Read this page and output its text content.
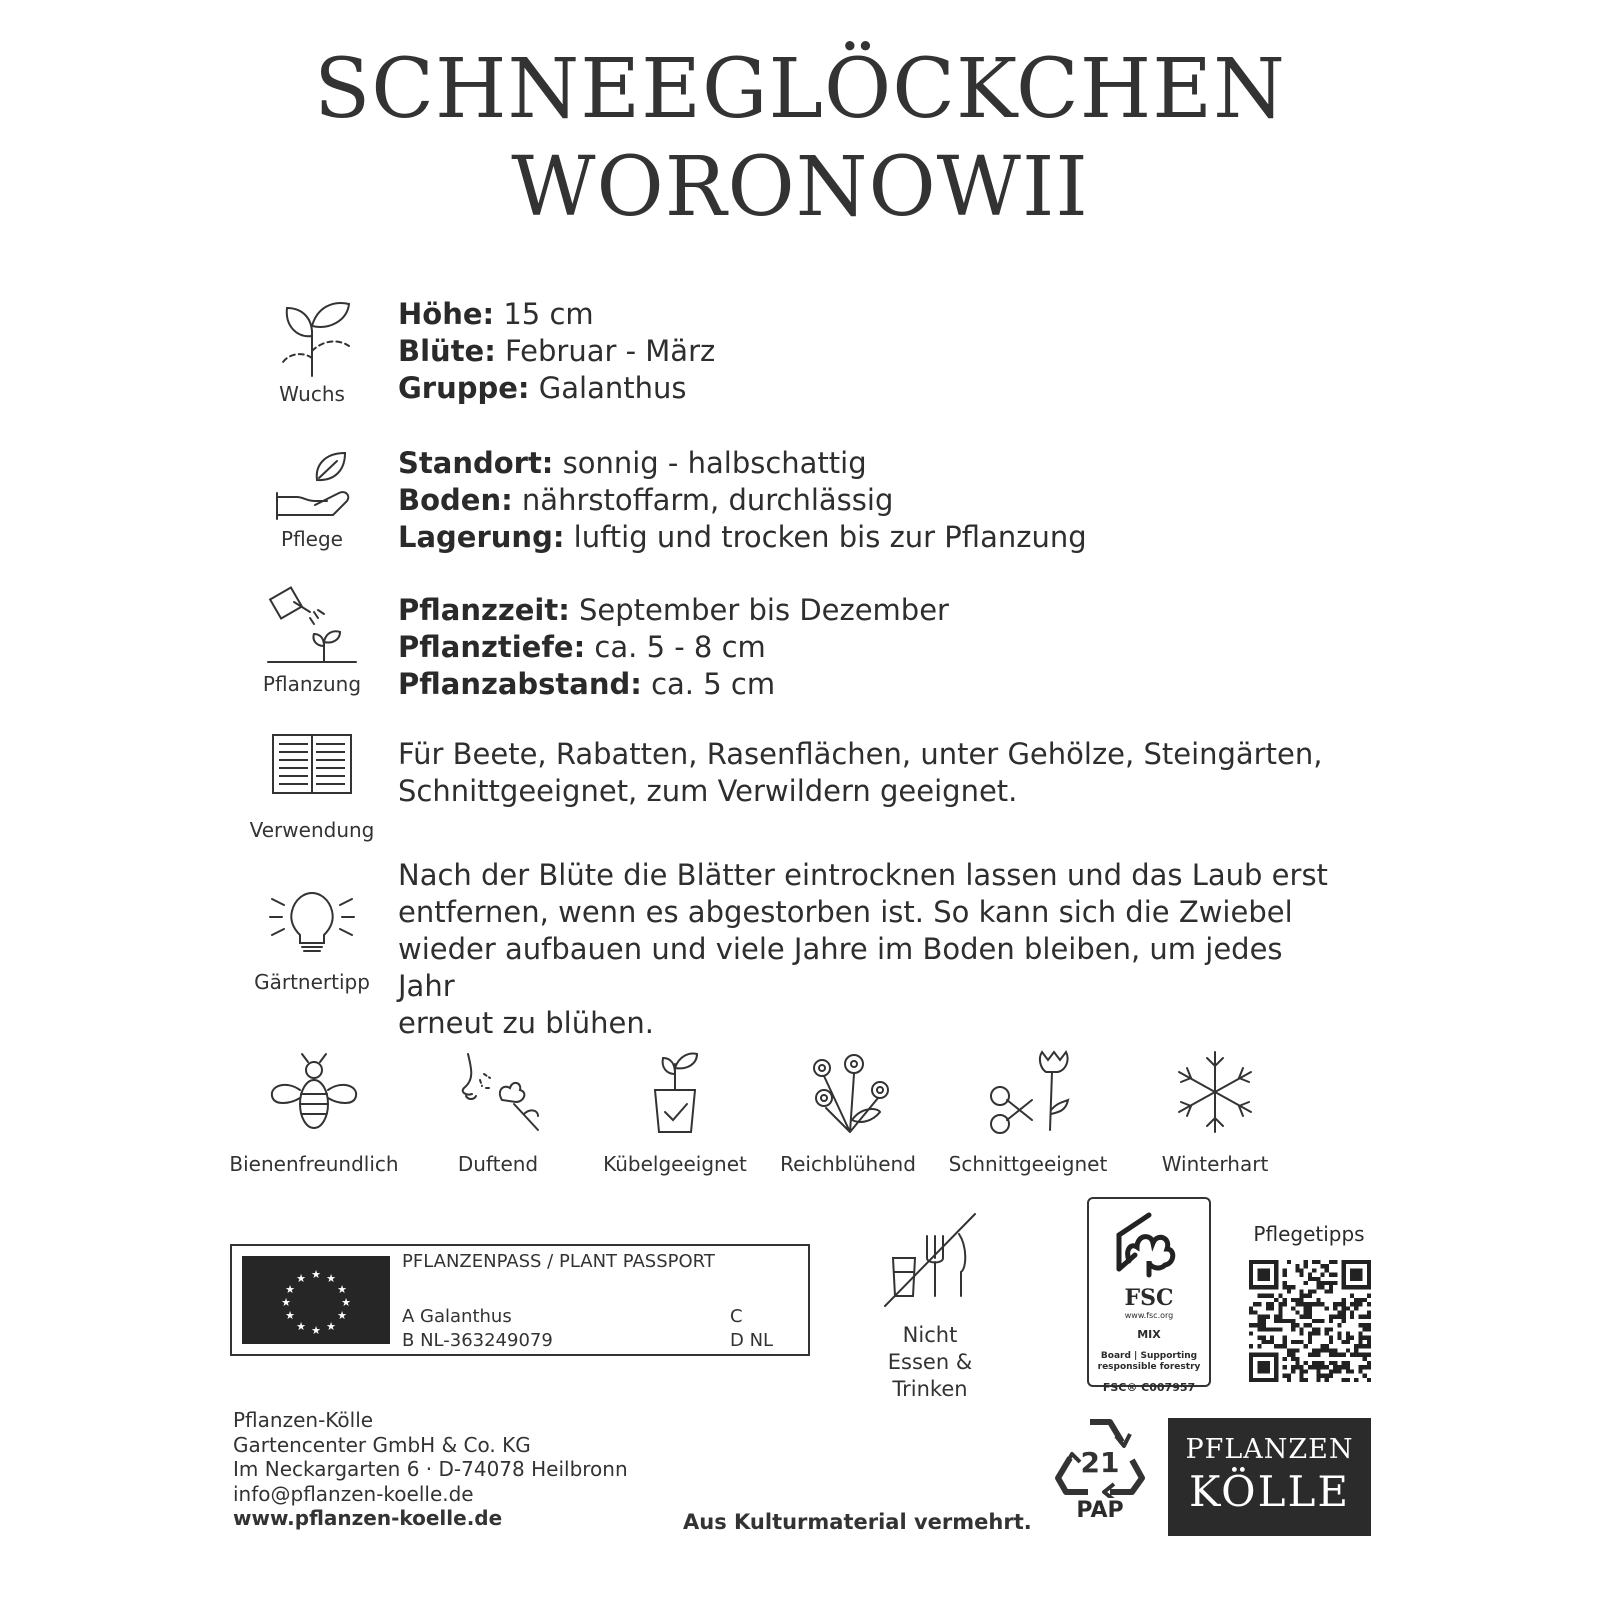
SCHNEEGLÖCKCHEN
WORONOWII
Wuchs
Höhe: 15 cm
Blüte: Februar - März
Gruppe: Galanthus
Pflege
Standort: sonnig - halbschattig
Boden: nährstoffarm, durchlässig
Lagerung: luftig und trocken bis zur Pflanzung
Pflanzung
Pflanzzeit: September bis Dezember
Pflanztiefe: ca. 5 - 8 cm
Pflanzabstand: ca. 5 cm
Verwendung
Für Beete, Rabatten, Rasenflächen, unter Gehölze, Steingärten,
Schnittgeeignet, zum Verwildern geeignet.
Gärtnertipp
Nach der Blüte die Blätter eintrocknen lassen und das Laub erst
entfernen, wenn es abgestorben ist. So kann sich die Zwiebel
wieder aufbauen und viele Jahre im Boden bleiben, um jedes Jahr
erneut zu blühen.
Bienenfreundlich	Duftend	Kübelgeeignet	Reichblühend	Schnittgeeignet	Winterhart
★ ★
★
★
★
★
★
★
★
★
★
★
PFLANZENPASS / PLANT PASSPORT
A Galanthus
B NL-363249079
C
D NL	Nicht
Essen & Trinken
FSC
www.fsc.org
MIX
Board | Supporting
responsible forestry
FSC® C007957
Pflegetipps
Pflanzen-Kölle
Gartencenter GmbH & Co. KG
Im Neckargarten 6 · D-74078 Heilbronn
info@pflanzen-koelle.de
www.pflanzen-koelle.de	Aus Kulturmaterial vermehrt.
21
PAP
PFLANZEN
KÖLLE
